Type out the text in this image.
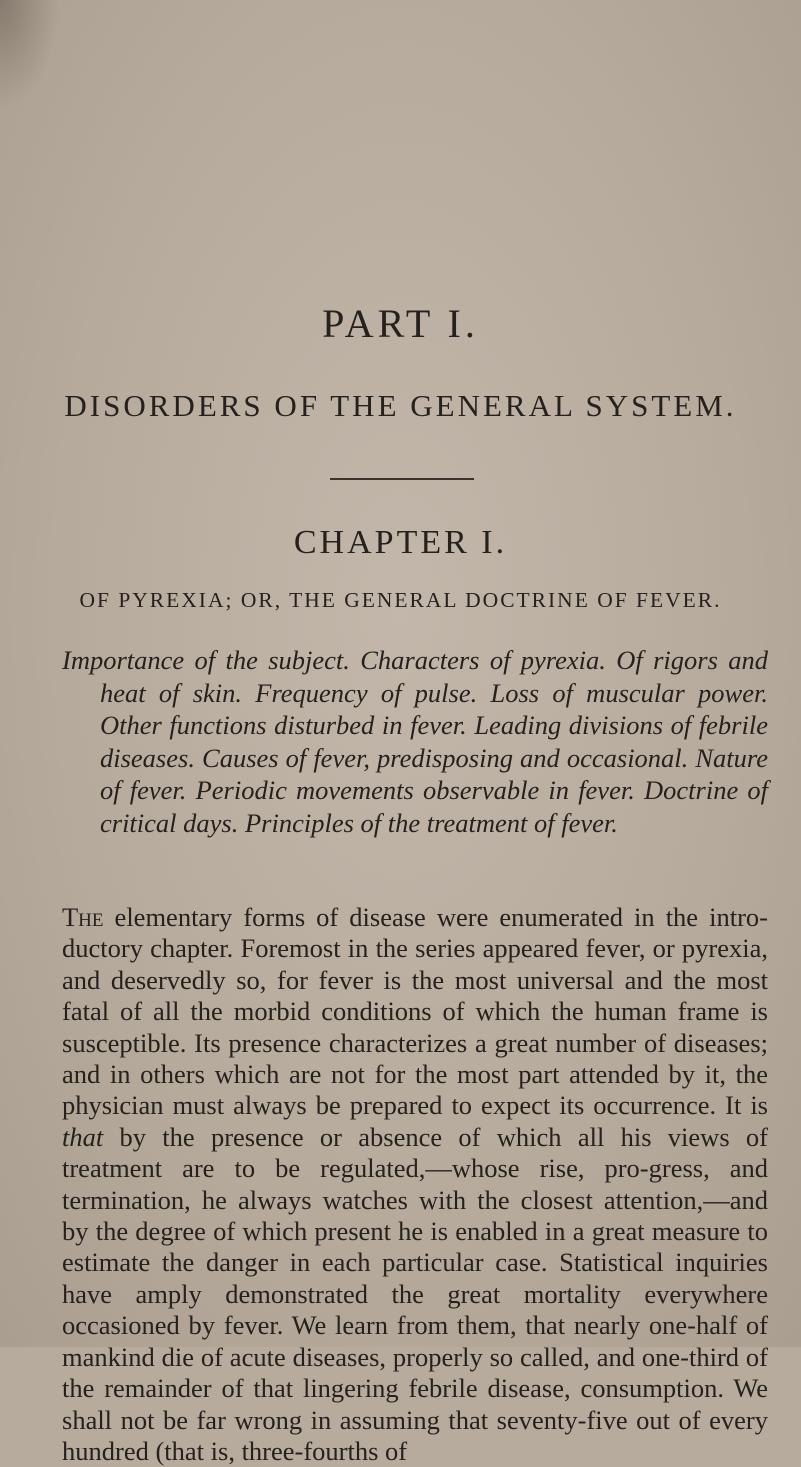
PART I.
DISORDERS OF THE GENERAL SYSTEM.
CHAPTER I.
OF PYREXIA; OR, THE GENERAL DOCTRINE OF FEVER.

Importance of the subject. Characters of pyrexia. Of rigors and heat of skin. Frequency of pulse. Loss of muscular power. Other functions disturbed in fever. Leading divisions of febrile diseases. Causes of fever, predisposing and occasional. Nature of fever. Periodic movements observable in fever. Doctrine of critical days. Principles of the treatment of fever.

The elementary forms of disease were enumerated in the intro-ductory chapter. Foremost in the series appeared fever, or pyrexia, and deservedly so, for fever is the most universal and the most fatal of all the morbid conditions of which the human frame is susceptible. Its presence characterizes a great number of diseases; and in others which are not for the most part attended by it, the physician must always be prepared to expect its occurrence. It is that by the presence or absence of which all his views of treatment are to be regulated,—whose rise, pro-gress, and termination, he always watches with the closest attention,—and by the degree of which present he is enabled in a great measure to estimate the danger in each particular case. Statistical inquiries have amply demonstrated the great mortality everywhere occasioned by fever. We learn from them, that nearly one-half of mankind die of acute diseases, properly so called, and one-third of the remainder of that lingering febrile disease, consumption. We shall not be far wrong in assuming that seventy-five out of every hundred (that is, three-fourths of
